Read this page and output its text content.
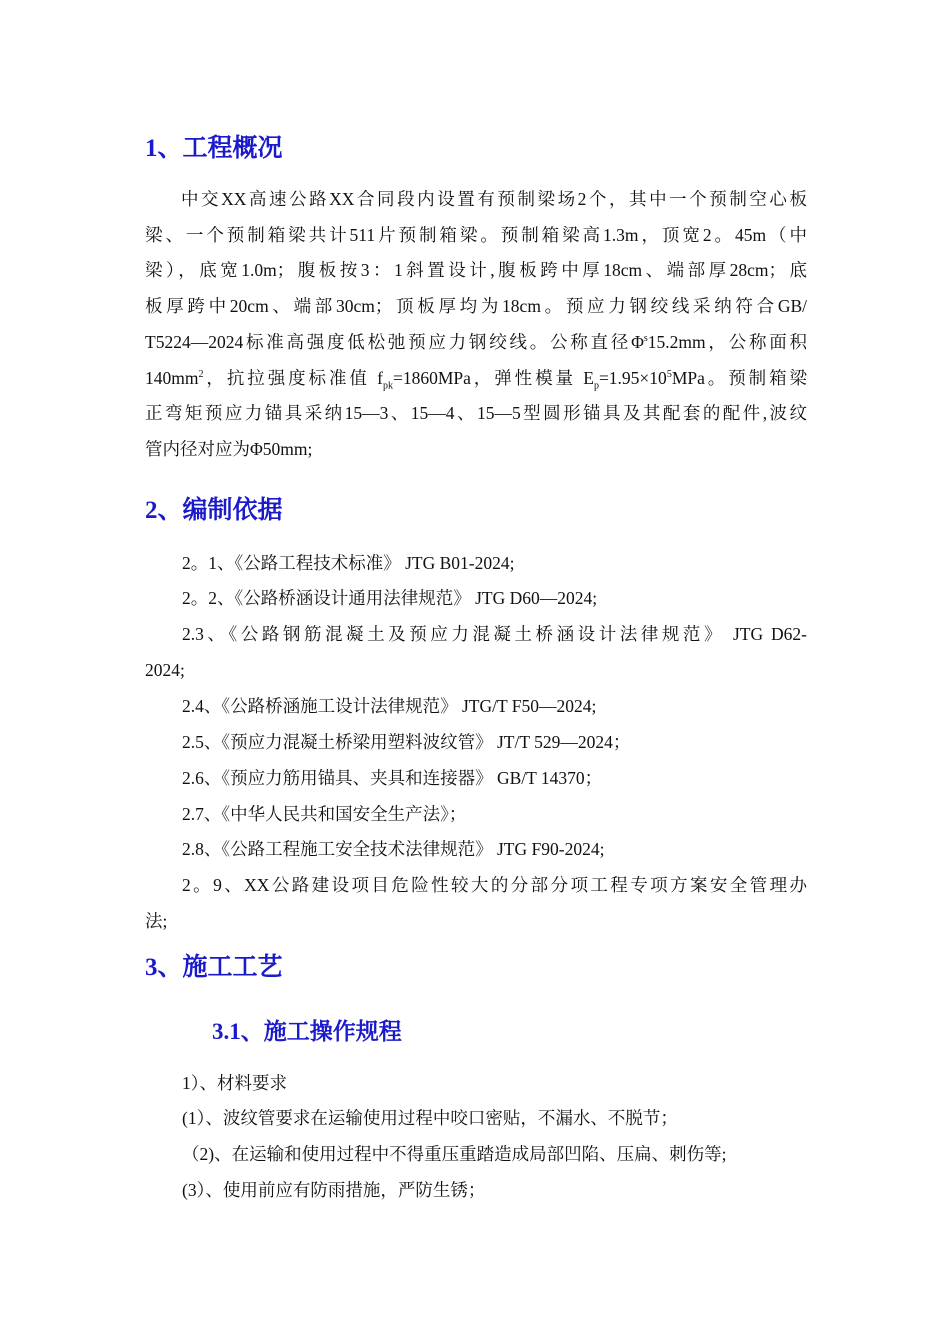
1、工程概况
中交XX高速公路XX合同段内设置有预制梁场2个，其中一个预制空心板
梁、一个预制箱梁共计511片预制箱梁。预制箱梁高1.3m，顶宽2。45m（中
梁），底宽1.0m；腹板按3：1斜置设计,腹板跨中厚18cm、端部厚28cm；底
板厚跨中20cm、端部30cm；顶板厚均为18cm。预应力钢绞线采纳符合GB/
T5224—2024标准高强度低松弛预应力钢绞线。公称直径$\Phi^s15.2mm$，公称面积
$140mm^2$，抗拉强度标准值 $f_{pk}=1860MPa$，弹性模量 $E_p=1.95\times 10^5MPa$。预制箱梁
正弯矩预应力锚具采纳15—3、15—4、15—5型圆形锚具及其配套的配件,波纹
管内径对应为Φ50mm;
2、编制依据
2。1、《公路工程技术标准》 JTG B01-2024;
2。2、《公路桥涵设计通用法律规范》 JTG D60—2024;
2.3、《公路钢筋混凝土及预应力混凝土桥涵设计法律规范》 JTG D62-
2024;
2.4、《公路桥涵施工设计法律规范》 JTG/T F50—2024;
2.5、《预应力混凝土桥梁用塑料波纹管》 JT/T 529—2024；
2.6、《预应力筋用锚具、夹具和连接器》 GB/T 14370；
2.7、《中华人民共和国安全生产法》；
2.8、《公路工程施工安全技术法律规范》 JTG F90-2024;
2。9、XX公路建设项目危险性较大的分部分项工程专项方案安全管理办
法;
3、施工工艺
3.1、施工操作规程
1）、材料要求
(1）、波纹管要求在运输使用过程中咬口密贴，不漏水、不脱节；
（2)、在运输和使用过程中不得重压重踏造成局部凹陷、压扁、刺伤等;
(3）、使用前应有防雨措施，严防生锈；
